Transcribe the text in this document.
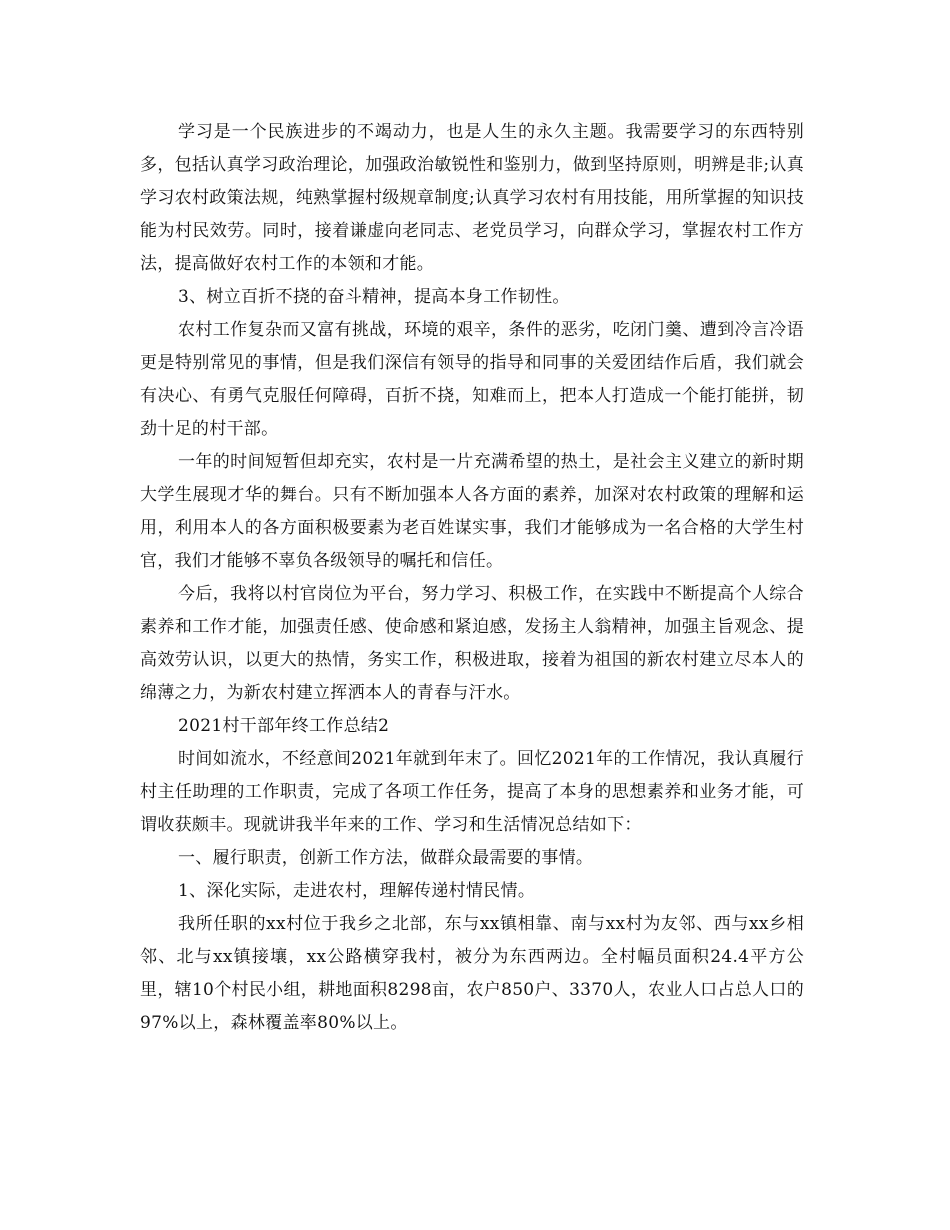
学习是一个民族进步的不竭动力，也是人生的永久主题。我需要学习的东西特别多，包括认真学习政治理论，加强政治敏锐性和鉴别力，做到坚持原则，明辨是非;认真学习农村政策法规，纯熟掌握村级规章制度;认真学习农村有用技能，用所掌握的知识技能为村民效劳。同时，接着谦虚向老同志、老党员学习，向群众学习，掌握农村工作方法，提高做好农村工作的本领和才能。

3、树立百折不挠的奋斗精神，提高本身工作韧性。

农村工作复杂而又富有挑战，环境的艰辛，条件的恶劣，吃闭门羹、遭到冷言冷语更是特别常见的事情，但是我们深信有领导的指导和同事的关爱团结作后盾，我们就会有决心、有勇气克服任何障碍，百折不挠，知难而上，把本人打造成一个能打能拼，韧劲十足的村干部。

一年的时间短暂但却充实，农村是一片充满希望的热土，是社会主义建立的新时期大学生展现才华的舞台。只有不断加强本人各方面的素养，加深对农村政策的理解和运用，利用本人的各方面积极要素为老百姓谋实事，我们才能够成为一名合格的大学生村官，我们才能够不辜负各级领导的嘱托和信任。

今后，我将以村官岗位为平台，努力学习、积极工作，在实践中不断提高个人综合素养和工作才能，加强责任感、使命感和紧迫感，发扬主人翁精神，加强主旨观念、提高效劳认识，以更大的热情，务实工作，积极进取，接着为祖国的新农村建立尽本人的绵薄之力，为新农村建立挥洒本人的青春与汗水。

2021村干部年终工作总结2

时间如流水，不经意间2021年就到年末了。回忆2021年的工作情况，我认真履行村主任助理的工作职责，完成了各项工作任务，提高了本身的思想素养和业务才能，可谓收获颇丰。现就讲我半年来的工作、学习和生活情况总结如下：

一、履行职责，创新工作方法，做群众最需要的事情。

1、深化实际，走进农村，理解传递村情民情。

我所任职的xx村位于我乡之北部，东与xx镇相靠、南与xx村为友邻、西与xx乡相邻、北与xx镇接壤，xx公路横穿我村，被分为东西两边。全村幅员面积24.4平方公里，辖10个村民小组，耕地面积8298亩，农户850户、3370人，农业人口占总人口的97%以上，森林覆盖率80%以上。
